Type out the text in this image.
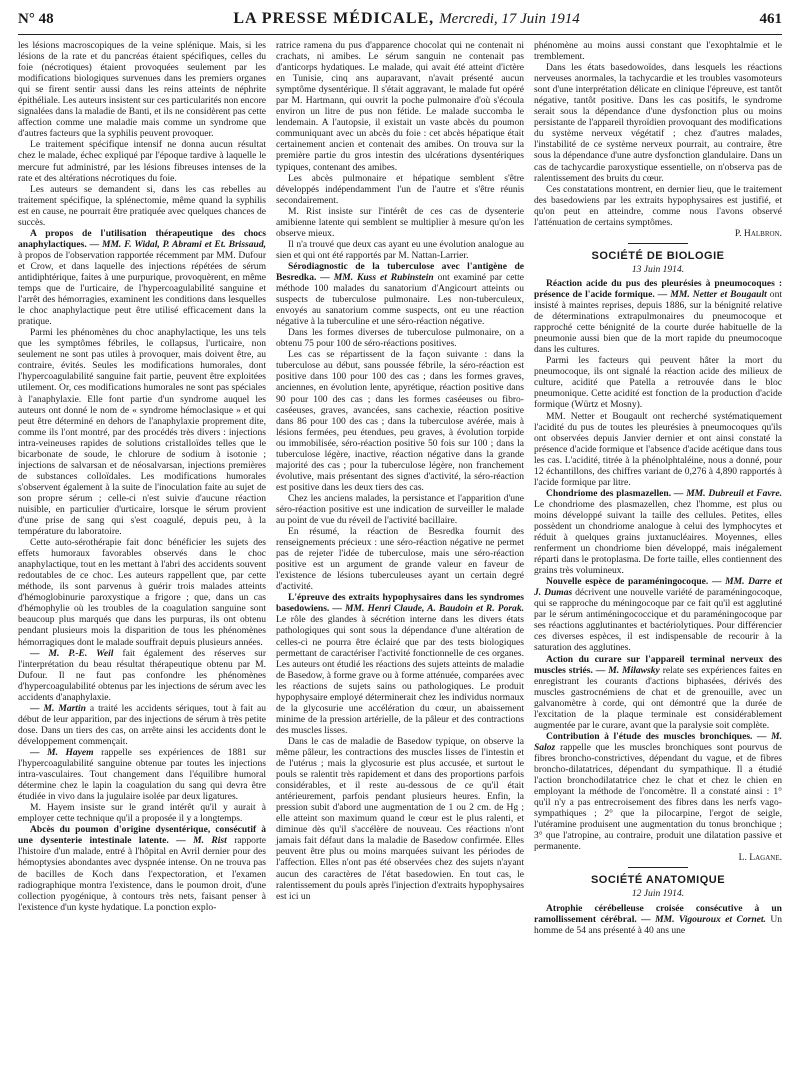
N° 48	LA PRESSE MÉDICALE, Mercredi, 17 Juin 1914	461

les lésions macroscopiques de la veine splénique. Mais, si les lésions de la rate et du pancréas étaient spécifiques, celles du foie (nécrotiques) étaient provoquées seulement par les modifications biologiques survenues dans les premiers organes qui se firent sentir aussi dans les reins atteints de néphrite épithéliale. Les auteurs insistent sur ces particularités non encore signalées dans la maladie de Banti, et ils ne considèrent pas cette affection comme une maladie mais comme un syndrome que d'autres facteurs que la syphilis peuvent provoquer.

Le traitement spécifique intensif ne donna aucun résultat chez le malade, échec expliqué par l'époque tardive à laquelle le mercure fut administré, par les lésions fibreuses intenses de la rate et des altérations nécrotiques du foie.

Les auteurs se demandent si, dans les cas rebelles au traitement spécifique, la splénectomie, même quand la syphilis est en cause, ne pourrait être pratiquée avec quelques chances de succès.

A propos de l'utilisation thérapeutique des chocs anaphylactiques. — MM. F. Widal, P. Abrami et Et. Brissaud, à propos de l'observation rapportée récemment par MM. Dufour et Crow, et dans laquelle des injections répétées de sérum antidiphtérique, faites à une purpurique, provoquèrent, en même temps que de l'urticaire, de l'hypercoagulabilité sanguine et l'arrêt des hémorragies, examinent les conditions dans lesquelles le choc anaphylactique peut être utilisé efficacement dans la pratique.

Parmi les phénomènes du choc anaphylactique, les uns tels que les symptômes fébriles, le collapsus, l'urticaire, non seulement ne sont pas utiles à provoquer, mais doivent être, au contraire, évités. Seules les modifications humorales, dont l'hypercoagulabilité sanguine fait partie, peuvent être exploitées utilement. Or, ces modifications humorales ne sont pas spéciales à l'anaphylaxie. Elle font partie d'un syndrome auquel les auteurs ont donné le nom de « syndrome hémoclasique » et qui peut être déterminé en dehors de l'anaphylaxie proprement dite, comme ils l'ont montré, par des procédés très divers : injections intra-veineuses rapides de solutions cristalloïdes telles que le bicarbonate de soude, le chlorure de sodium à isotonie ; injections de salvarsan et de néosalvarsan, injections premières de substances colloïdales. Les modifications humorales s'observent également à la suite de l'inoculation faite au sujet de son propre sérum ; celle-ci n'est suivie d'aucune réaction nuisible, en particulier d'urticaire, lorsque le sérum provient d'une prise de sang qui s'est coagulé, depuis peu, à la température du laboratoire.

Cette auto-sérothérapie fait donc bénéficier les sujets des effets humoraux favorables observés dans le choc anaphylactique, tout en les mettant à l'abri des accidents souvent redoutables de ce choc. Les auteurs rappellent que, par cette méthode, ils sont parvenus à guérir trois malades atteints d'hémoglobinurie paroxystique a frigore ; que, dans un cas d'hémophylie où les troubles de la coagulation sanguine sont beaucoup plus marqués que dans les purpuras, ils ont obtenu pendant plusieurs mois la disparition de tous les phénomènes hémorragiques dont le malade souffrait depuis plusieurs années.

— M. P.-E. Weil fait également des réserves sur l'interprétation du beau résultat thérapeutique obtenu par M. Dufour. Il ne faut pas confondre les phénomènes d'hypercoagulabilité obtenus par les injections de sérum avec les accidents d'anaphylaxie.

— M. Martin a traité les accidents sériques, tout à fait au début de leur apparition, par des injections de sérum à très petite dose. Dans un tiers des cas, on arrête ainsi les accidents dont le développement commençait.

— M. Hayem rappelle ses expériences de 1881 sur l'hypercoagulabilité sanguine obtenue par toutes les injections intra-vasculaires. Tout changement dans l'équilibre humoral détermine chez le lapin la coagulation du sang qui devra être étudiée in vivo dans la jugulaire isolée par deux ligatures.

M. Hayem insiste sur le grand intérêt qu'il y aurait à employer cette technique qu'il a proposée il y a longtemps.

Abcès du poumon d'origine dysentérique, consécutif à une dysenterie intestinale latente. — M. Rist rapporte l'histoire d'un malade, entré à l'hôpital en Avril dernier pour des hémoptysies abondantes avec dyspnée intense. On ne trouva pas de bacilles de Koch dans l'expectoration, et l'examen radiographique montra l'existence, dans le poumon droit, d'une collection pyogénique, à contours très nets, faisant penser à l'existence d'un kyste hydatique. La ponction explo-

ratrice ramena du pus d'apparence chocolat qui ne contenait ni crachats, ni amibes. Le sérum sanguin ne contenait pas d'anticorps hydatiques. Le malade, qui avait été atteint d'ictère en Tunisie, cinq ans auparavant, n'avait présenté aucun symptôme dysentérique. Il s'était aggravant, le malade fut opéré par M. Hartmann, qui ouvrit la poche pulmonaire d'où s'écoula environ un litre de pus non fétide. Le malade succomba le lendemain. A l'autopsie, il existait un vaste abcès du poumon communiquant avec un abcès du foie : cet abcès hépatique était certainement ancien et contenait des amibes. On trouva sur la première partie du gros intestin des ulcérations dysentériques typiques, contenant des amibes.

Les abcès pulmonaire et hépatique semblent s'être développés indépendamment l'un de l'autre et s'être réunis secondairement.

M. Rist insiste sur l'intérêt de ces cas de dysenterie amibienne latente qui semblent se multiplier à mesure qu'on les observe mieux.

Il n'a trouvé que deux cas ayant eu une évolution analogue au sien et qui ont été rapportés par M. Nattan-Larrier.

Sérodiagnostic de la tuberculose avec l'antigène de Besredka. — MM. Kuss et Rubinstein ont examiné par cette méthode 100 malades du sanatorium d'Angicourt atteints ou suspects de tuberculose pulmonaire. Les non-tuberculeux, envoyés au sanatorium comme suspects, ont eu une réaction négative à la tuberculine et une séro-réaction négative.

Dans les formes diverses de tuberculose pulmonaire, on a obtenu 75 pour 100 de séro-réactions positives.

Les cas se répartissent de la façon suivante : dans la tuberculose au début, sans poussée fébrile, la séro-réaction est positive dans 100 pour 100 des cas ; dans les formes graves, anciennes, en évolution lente, apyrétique, réaction positive dans 90 pour 100 des cas ; dans les formes caséeuses ou fibro-caséeuses, graves, avancées, sans cachexie, réaction positive dans 86 pour 100 des cas ; dans la tuberculose avérée, mais à lésions fermées, peu étendues, peu graves, à évolution torpide ou immobilisée, séro-réaction positive 50 fois sur 100 ; dans la tuberculose légère, inactive, réaction négative dans la grande majorité des cas ; pour la tuberculose légère, non franchement évolutive, mais présentant des signes d'activité, la séro-réaction est positive dans les deux tiers des cas.

Chez les anciens malades, la persistance et l'apparition d'une séro-réaction positive est une indication de surveiller le malade au point de vue du réveil de l'activité bacillaire.

En résumé, la réaction de Besredka fournit des renseignements précieux : une séro-réaction négative ne permet pas de rejeter l'idée de tuberculose, mais une séro-réaction positive est un argument de grande valeur en faveur de l'existence de lésions tuberculeuses ayant un certain degré d'activité.

L'épreuve des extraits hypophysaires dans les syndromes basedowiens. — MM. Henri Claude, A. Baudoin et R. Porak. Le rôle des glandes à sécrétion interne dans les divers états pathologiques qui sont sous la dépendance d'une altération de celles-ci ne pourra être éclairé que par des tests biologiques permettant de caractériser l'activité fonctionnelle de ces organes. Les auteurs ont étudié les réactions des sujets atteints de maladie de Basedow, à forme grave ou à forme atténuée, comparées avec les réactions de sujets sains ou pathologiques. Le produit hypophysaire employé déterminerait chez les individus normaux de la glycosurie une accélération du cœur, un abaissement minime de la pression artérielle, de la pâleur et des contractions des muscles lisses.

Dans le cas de maladie de Basedow typique, on observe la même pâleur, les contractions des muscles lisses de l'intestin et de l'utérus ; mais la glycosurie est plus accusée, et surtout le pouls se ralentit très rapidement et dans des proportions parfois considérables, et il reste au-dessous de ce qu'il était antérieurement, parfois pendant plusieurs heures. Enfin, la pression subit d'abord une augmentation de 1 ou 2 cm. de Hg ; elle atteint son maximum quand le cœur est le plus ralenti, et diminue dès qu'il s'accélère de nouveau. Ces réactions n'ont jamais fait défaut dans la maladie de Basedow confirmée. Elles peuvent être plus ou moins marquées suivant les périodes de l'affection. Elles n'ont pas été observées chez des sujets n'ayant aucun des caractères de l'état basedowien. En tout cas, le ralentissement du pouls après l'injection d'extraits hypophysaires est ici un

phénomène au moins aussi constant que l'exophtalmie et le tremblement.

Dans les états basedowoïdes, dans lesquels les réactions nerveuses anormales, la tachycardie et les troubles vasomoteurs sont d'une interprétation délicate en clinique l'épreuve, est tantôt négative, tantôt positive. Dans les cas positifs, le syndrome serait sous la dépendance d'une dysfonction plus ou moins persistante de l'appareil thyroïdien provoquant des modifications du système nerveux végétatif ; chez d'autres malades, l'instabilité de ce système nerveux pourrait, au contraire, être sous la dépendance d'une autre dysfonction glandulaire. Dans un cas de tachycardie paroxystique essentielle, on n'observa pas de ralentissement des bruits du cœur.

Ces constatations montrent, en dernier lieu, que le traitement des basedowiens par les extraits hypophysaires est justifié, et qu'on peut en atteindre, comme nous l'avons observé l'atténuation de certains symptômes.

P. Halbron.

SOCIÉTÉ DE BIOLOGIE
13 Juin 1914.

Réaction acide du pus des pleurésies à pneumocoques : présence de l'acide formique. — MM. Netter et Bougault ont insisté à maintes reprises, depuis 1886, sur la bénignité relative de déterminations extrapulmonaires du pneumocoque et rapproché cette bénignité de la courte durée habituelle de la pneumonie aussi bien que de la mort rapide du pneumocoque dans les cultures.

Parmi les facteurs qui peuvent hâter la mort du pneumocoque, ils ont signalé la réaction acide des milieux de culture, acidité que Patella a retrouvée dans le bloc pneumonique. Cette acidité est fonction de la production d'acide formique (Würtz et Mosny).

MM. Netter et Bougault ont recherché systématiquement l'acidité du pus de toutes les pleurésies à pneumocoques qu'ils ont observées depuis Janvier dernier et ont ainsi constaté la présence d'acide formique et l'absence d'acide acétique dans tous les cas. L'acidité, titrée à la phénolphtaléine, nous a donné, pour 12 échantillons, des chiffres variant de 0,276 à 4,890 rapportés à l'acide formique par litre.

Chondriome des plasmazellen. — MM. Dubreuil et Favre. Le chondriome des plasmazellen, chez l'homme, est plus ou moins développé suivant la taille des cellules. Petites, elles possèdent un chondriome analogue à celui des lymphocytes et réduit à quelques grains juxtanucléaires. Moyennes, elles renferment un chondriome bien développé, mais inégalement réparti dans le protoplasma. De forte taille, elles contiennent des grains très volumineux.

Nouvelle espèce de paraméningocoque. — MM. Darre et J. Dumas décrivent une nouvelle variété de paraméningocoque, qui se rapproche du méningocoque par ce fait qu'il est agglutiné par le sérum antiméningococcique et du paraméningocoque par ses réactions agglutinantes et bactériolytiques. Pour différencier ces diverses espèces, il est indispensable de recourir à la saturation des agglutines.

Action du curare sur l'appareil terminal nerveux des muscles striés. — M. Milawsky relate ses expériences faites en enregistrant les courants d'actions biphasées, dérivés des muscles gastrocnémiens de chat et de grenouille, avec un galvanomètre à corde, qui ont démontré que la durée de l'excitation de la plaque terminale est considérablement augmentée par le curare, avant que la paralysie soit complète.

Contribution à l'étude des muscles bronchiques. — M. Saloz rappelle que les muscles bronchiques sont pourvus de fibres broncho-constrictives, dépendant du vague, et de fibres broncho-dilatatrices, dépendant du sympathique. Il a étudié l'action bronchodilatatrice chez le chat et chez le chien en employant la méthode de l'oncomètre. Il a constaté ainsi : 1° qu'il n'y a pas entrecroisement des fibres dans les nerfs vago-sympathiques ; 2° que la pilocarpine, l'ergot de seigle, l'utéramine produisent une augmentation du tonus bronchique ; 3° que l'atropine, au contraire, produit une dilatation passive et permanente.

L. Lagane.

SOCIÉTÉ ANATOMIQUE
12 Juin 1914.

Atrophie cérébelleuse croisée consécutive à un ramollissement cérébral. — MM. Vigouroux et Cornet. Un homme de 54 ans présenté à 40 ans une
